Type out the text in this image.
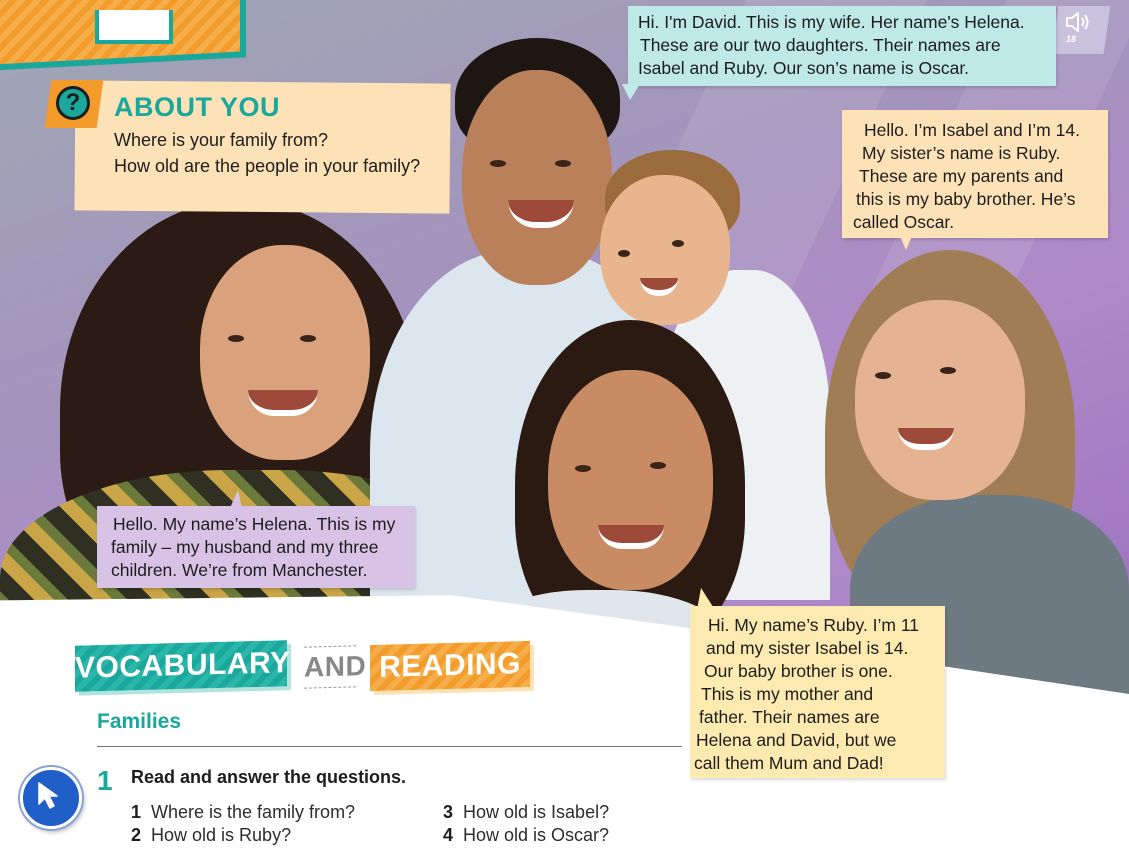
?	ABOUT YOU
Where is your family from?
How old are the people in your family?
18

Hi. I'm David. This is my wife. Her name's Helena.

These are our two daughters. Their names are

Isabel and Ruby. Our son’s name is Oscar.

Hello. I’m Isabel and I’m 14.

My sister’s name is Ruby.

These are my parents and

this is my baby brother. He’s

called Oscar.

Hello. My name’s Helena. This is my

family – my husband and my three

children. We’re from Manchester.

Hi. My name’s Ruby. I’m 11

and my sister Isabel is 14.

Our baby brother is one.

This is my mother and

father. Their names are

Helena and David, but we

call them Mum and Dad!

VOCABULARY AND READING
Families
1 Read and answer the questions.
1 Where is the family from?
2 How old is Ruby?
3 How old is Isabel?
4 How old is Oscar?
